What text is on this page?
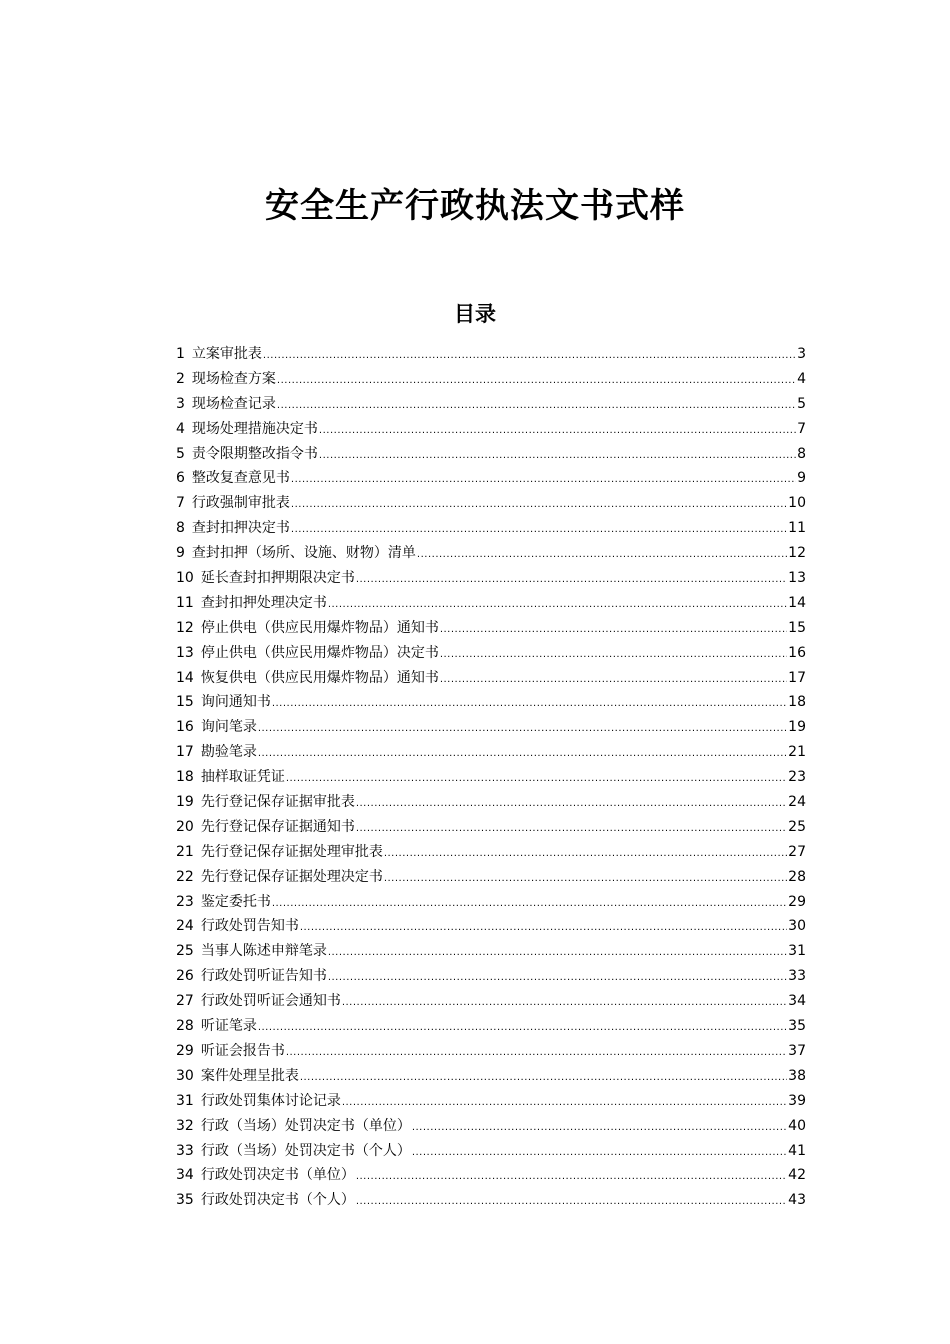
安全生产行政执法文书式样
目录
1 立案审批表 .....	3
2 现场检查方案 .....	4
3 现场检查记录 .....	5
4 现场处理措施决定书 .....	7
5 责令限期整改指令书 .....	8
6 整改复查意见书 .....	9
7 行政强制审批表 .....	10
8 查封扣押决定书 .....	11
9 查封扣押（场所、设施、财物）清单 .....	12
10 延长查封扣押期限决定书 .....	13
11 查封扣押处理决定书 .....	14
12 停止供电（供应民用爆炸物品）通知书 .....	15
13 停止供电（供应民用爆炸物品）决定书 .....	16
14 恢复供电（供应民用爆炸物品）通知书 .....	17
15 询问通知书 .....	18
16 询问笔录 .....	19
17 勘验笔录 .....	21
18 抽样取证凭证 .....	23
19 先行登记保存证据审批表 .....	24
20 先行登记保存证据通知书 .....	25
21 先行登记保存证据处理审批表 .....	27
22 先行登记保存证据处理决定书 .....	28
23 鉴定委托书 .....	29
24 行政处罚告知书 .....	30
25 当事人陈述申辩笔录 .....	31
26 行政处罚听证告知书 .....	33
27 行政处罚听证会通知书 .....	34
28 听证笔录 .....	35
29 听证会报告书 .....	37
30 案件处理呈批表 .....	38
31 行政处罚集体讨论记录 .....	39
32 行政（当场）处罚决定书（单位） .....	40
33 行政（当场）处罚决定书（个人） .....	41
34 行政处罚决定书（单位） .....	42
35 行政处罚决定书（个人） .....	43
